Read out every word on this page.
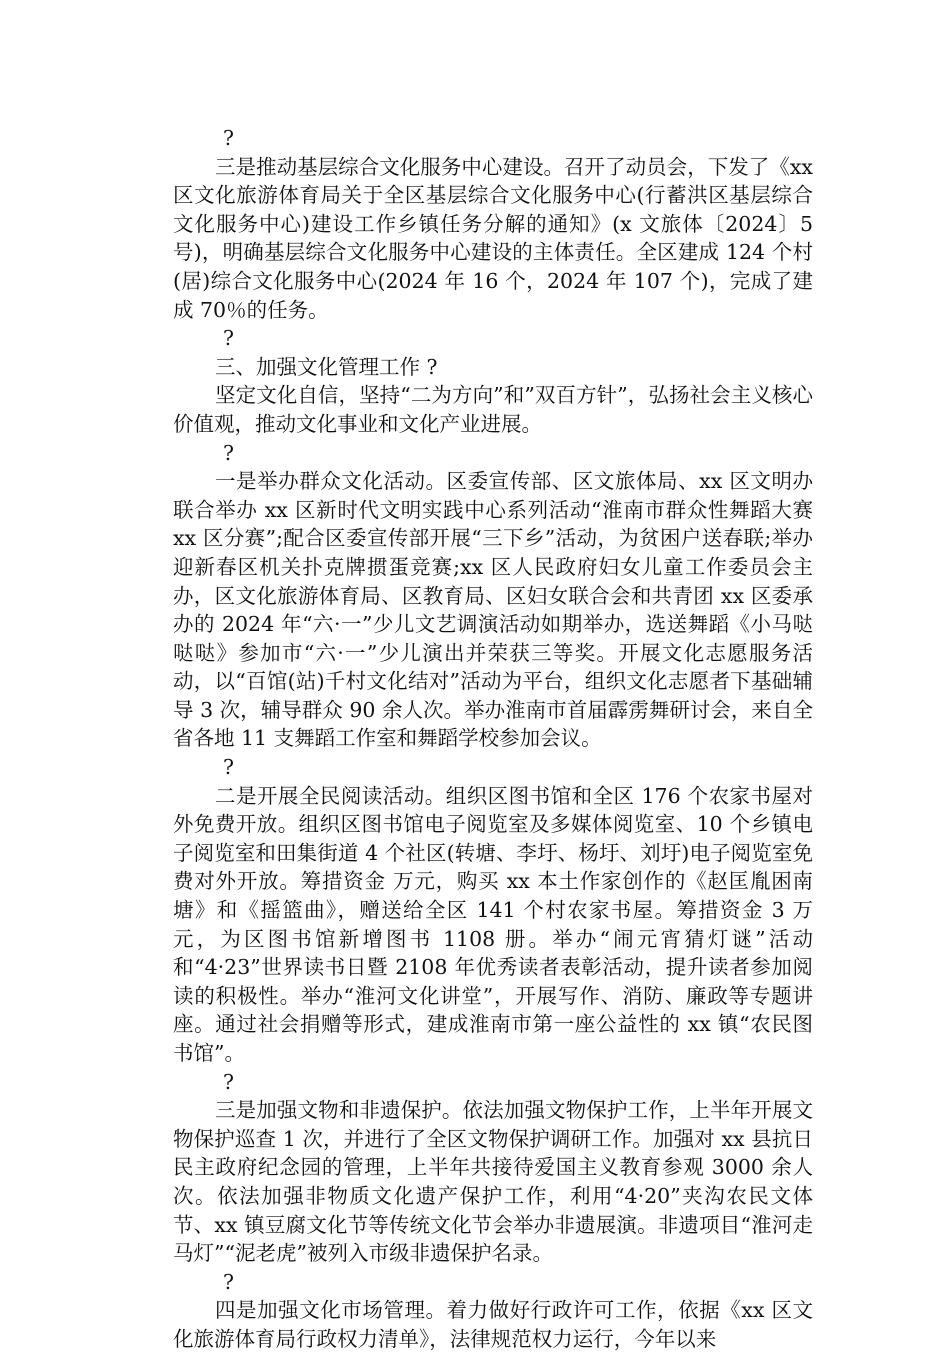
?

三是推动基层综合文化服务中心建设。召开了动员会，下发了《xx 区文化旅游体育局关于全区基层综合文化服务中心(行蓄洪区基层综合文化服务中心)建设工作乡镇任务分解的通知》(x 文旅体〔2024〕5 号)，明确基层综合文化服务中心建设的主体责任。全区建成 124 个村(居)综合文化服务中心(2024 年 16 个，2024 年 107 个)，完成了建成 70％的任务。

?

三、加强文化管理工作 ?

坚定文化自信，坚持“二为方向”和”双百方针”，弘扬社会主义核心价值观，推动文化事业和文化产业进展。

?

一是举办群众文化活动。区委宣传部、区文旅体局、xx 区文明办联合举办 xx 区新时代文明实践中心系列活动“淮南市群众性舞蹈大赛 xx 区分赛”;配合区委宣传部开展“三下乡”活动，为贫困户送春联;举办迎新春区机关扑克牌掼蛋竞赛;xx 区人民政府妇女儿童工作委员会主办，区文化旅游体育局、区教育局、区妇女联合会和共青团 xx 区委承办的 2024 年“六·一”少儿文艺调演活动如期举办，选送舞蹈《小马哒哒哒》参加市“六·一”少儿演出并荣获三等奖。开展文化志愿服务活动，以“百馆(站)千村文化结对”活动为平台，组织文化志愿者下基础辅导 3 次，辅导群众 90 余人次。举办淮南市首届霹雳舞研讨会，来自全省各地 11 支舞蹈工作室和舞蹈学校参加会议。

?

二是开展全民阅读活动。组织区图书馆和全区 176 个农家书屋对外免费开放。组织区图书馆电子阅览室及多媒体阅览室、10 个乡镇电子阅览室和田集街道 4 个社区(转塘、李圩、杨圩、刘圩)电子阅览室免费对外开放。筹措资金 万元，购买 xx 本土作家创作的《赵匡胤困南塘》和《摇篮曲》，赠送给全区 141 个村农家书屋。筹措资金 3 万元，为区图书馆新增图书 1108 册。举办“闹元宵猜灯谜”活动和“4·23”世界读书日暨 2108 年优秀读者表彰活动，提升读者参加阅读的积极性。举办“淮河文化讲堂”，开展写作、消防、廉政等专题讲座。通过社会捐赠等形式，建成淮南市第一座公益性的 xx 镇“农民图书馆”。

?

三是加强文物和非遗保护。依法加强文物保护工作，上半年开展文物保护巡查 1 次，并进行了全区文物保护调研工作。加强对 xx 县抗日民主政府纪念园的管理，上半年共接待爱国主义教育参观 3000 余人次。依法加强非物质文化遗产保护工作，利用“4·20”夹沟农民文体节、xx 镇豆腐文化节等传统文化节会举办非遗展演。非遗项目“淮河走马灯”“泥老虎”被列入市级非遗保护名录。

?

四是加强文化市场管理。着力做好行政许可工作，依据《xx 区文化旅游体育局行政权力清单》，法律规范权力运行，今年以来
